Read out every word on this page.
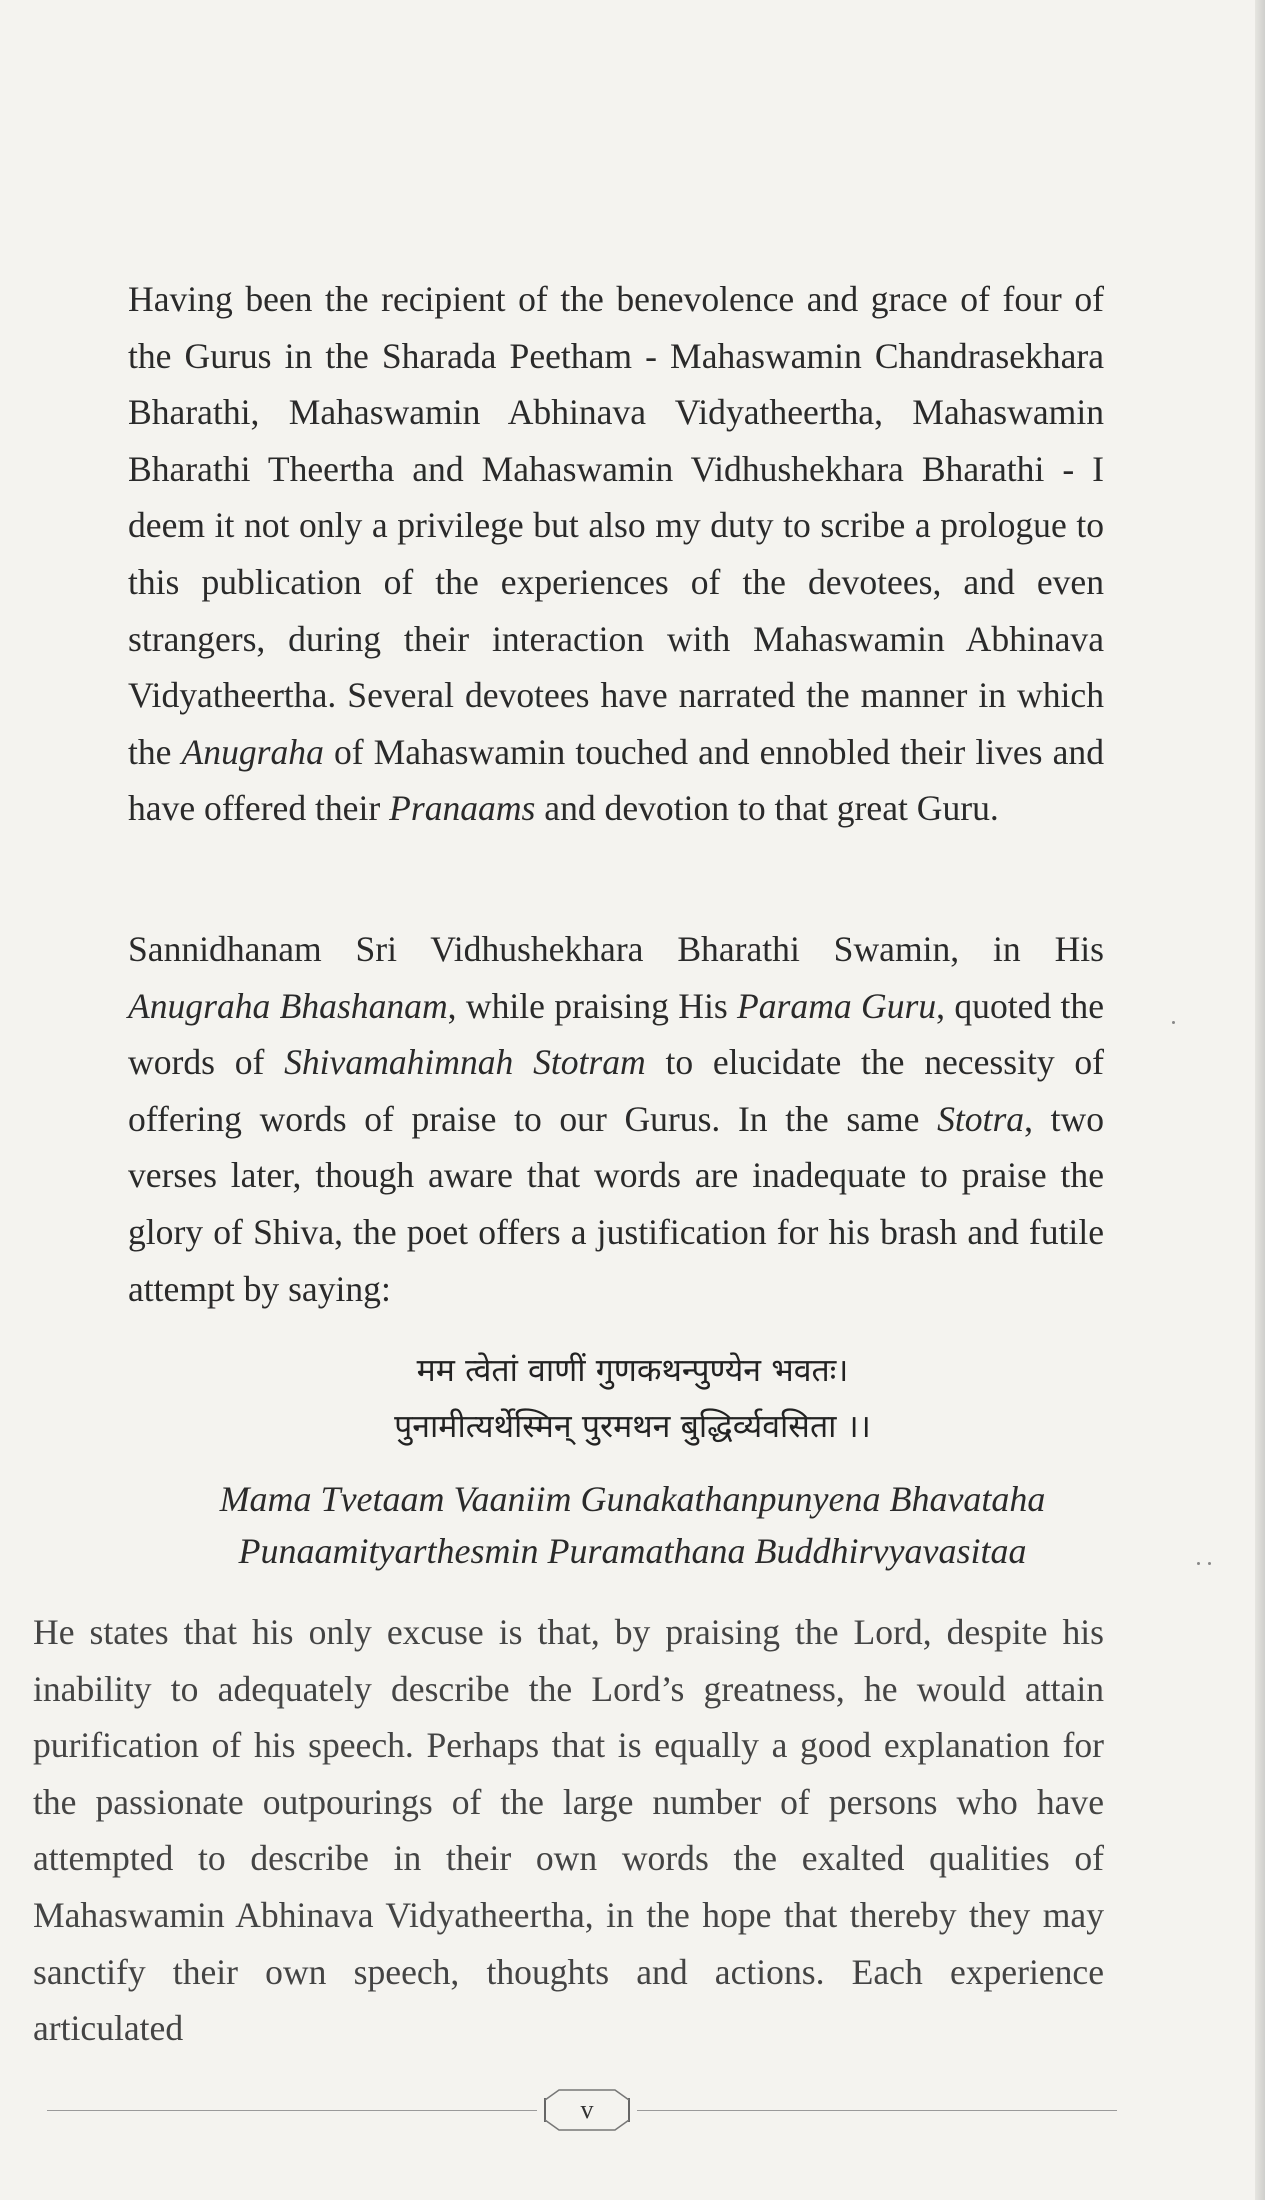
Having been the recipient of the benevolence and grace of four of the Gurus in the Sharada Peetham - Mahaswamin Chandrasekhara Bharathi, Mahaswamin Abhinava Vidyatheertha, Mahaswamin Bharathi Theertha and Mahaswamin Vidhushekhara Bharathi - I deem it not only a privilege but also my duty to scribe a prologue to this publication of the experiences of the devotees, and even strangers, during their interaction with Mahaswamin Abhinava Vidyatheertha. Several devotees have narrated the manner in which the Anugraha of Mahaswamin touched and ennobled their lives and have offered their Pranaams and devotion to that great Guru.
Sannidhanam Sri Vidhushekhara Bharathi Swamin, in His Anugraha Bhashanam, while praising His Parama Guru, quoted the words of Shivamahimnah Stotram to elucidate the necessity of offering words of praise to our Gurus. In the same Stotra, two verses later, though aware that words are inadequate to praise the glory of Shiva, the poet offers a justification for his brash and futile attempt by saying:
मम त्वेतां वाणीं गुणकथन्पुण्येन भवतः।
पुनामीत्यर्थेस्मिन् पुरमथन बुद्धिर्व्यवसिता ।।
Mama Tvetaam Vaaniim Gunakathanpunyena Bhavataha
Punaamityarthesmin Puramathana Buddhirvyavasitaa
He states that his only excuse is that, by praising the Lord, despite his inability to adequately describe the Lord’s greatness, he would attain purification of his speech. Perhaps that is equally a good explanation for the passionate outpourings of the large number of persons who have attempted to describe in their own words the exalted qualities of Mahaswamin Abhinava Vidyatheertha, in the hope that thereby they may sanctify their own speech, thoughts and actions. Each experience articulated
v
